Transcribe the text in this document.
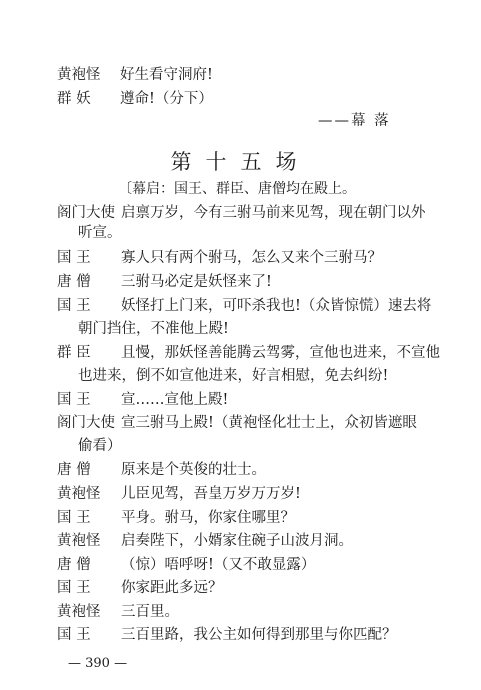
黄袍怪 好生看守洞府!
群 妖 遵命!（分下）
——幕 落
第十五场
〔幕启：国王、群臣、唐僧均在殿上。
阁门大使 启禀万岁，今有三驸马前来见驾，现在朝门以外
听宣。
国 王 寡人只有两个驸马，怎么又来个三驸马？
唐 僧 三驸马必定是妖怪来了!
国 王 妖怪打上门来，可吓杀我也!（众皆惊慌）速去将
朝门挡住，不准他上殿!
群 臣 且慢，那妖怪善能腾云驾雾，宣他也进来，不宣他
也进来，倒不如宣他进来，好言相慰，免去纠纷!
国 王 宣……宣他上殿!
阁门大使 宣三驸马上殿!（黄袍怪化壮士上，众初皆遮眼
偷看）
唐 僧 原来是个英俊的壮士。
黄袍怪 儿臣见驾，吾皇万岁万万岁!
国 王 平身。驸马，你家住哪里？
黄袍怪 启奏陛下，小婿家住碗子山波月洞。
唐 僧 （惊）唔呼呀!（又不敢显露）
国 王 你家距此多远？
黄袍怪 三百里。
国 王 三百里路，我公主如何得到那里与你匹配？
— 390 —
